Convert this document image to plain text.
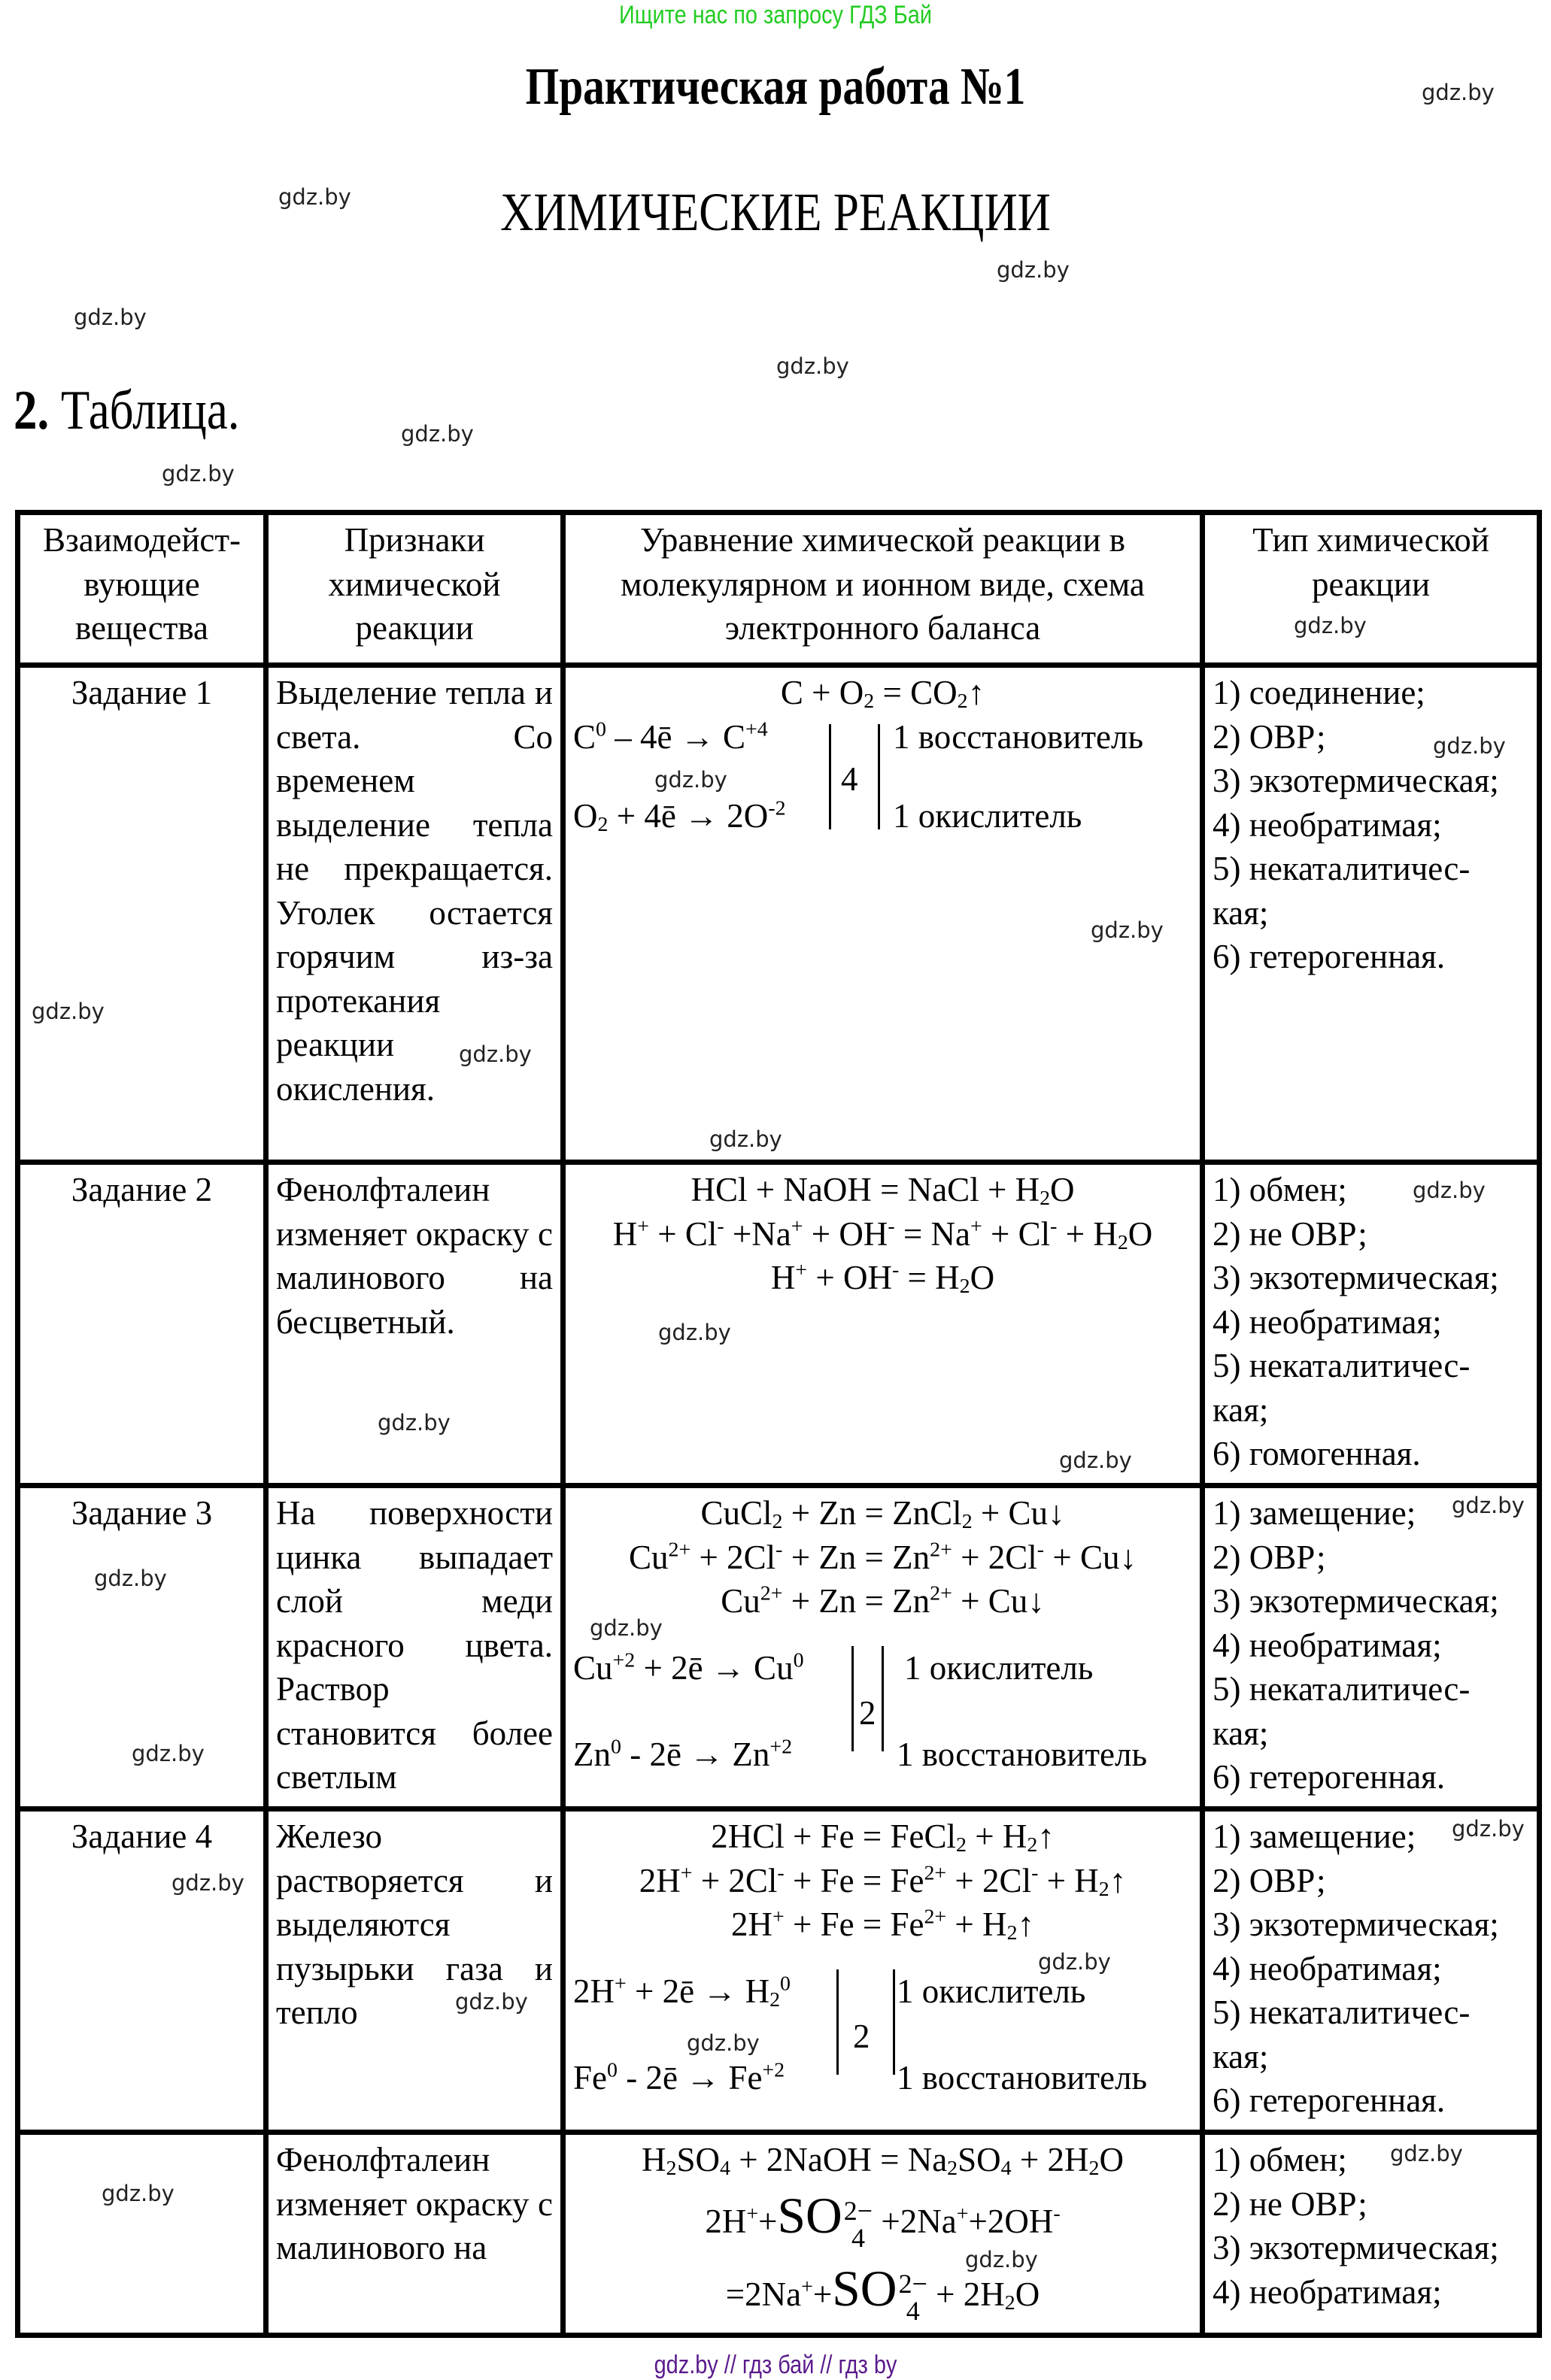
Ищите нас по запросу ГДЗ Бай
Практическая работа №1
ХИМИЧЕСКИЕ РЕАКЦИИ
2. Таблица.
gdz.by
gdz.by
gdz.by
gdz.by
gdz.by
gdz.by
gdz.by
Взаимодейст-вующие вещества	Признаки химической реакции	Уравнение химической реакции в молекулярном и ионном виде, схема электронного баланса	Тип химической реакции
Задание 1	Выделение тепла и света. Со временем выделение тепла не прекращается. Уголек остается горячим из-за протекания реакции окисления.	
$C + O_2$ = $CO_2↑$
$C^0$ – 4ē → $C^{+4}$
$O_2$ + 4ē → $2O^{-2}$
4
1 восстановитель
1 окислитель

1) соединение;
2) ОВР;
3) экзотермическая;
4) необратимая;
5) некаталитичес-
кая;
6) гетерогенная.

Задание 2	Фенолфталеин изменяет окраску с малинового на бесцветный.	
HCl + NaOH = NaCl + $H_2O$
$H^+ + Cl^- +Na^+ + OH^- = Na^+ + Cl^- + H_2O$
$H^+ + OH^- = H_2O$

1) обмен;
2) не ОВР;
3) экзотермическая;
4) необратимая;
5) некаталитичес-
кая;
6) гомогенная.

Задание 3	На поверхности цинка выпадает слой меди красного цвета. Раствор становится более светлым	
CuCl$_2$ + Zn = ZnCl$_2$ + Cu↓
$Cu^{2+} + 2Cl^- + Zn = Zn^{2+} + 2Cl^-$ + Cu↓
$Cu^{2+} + Zn = Zn^{2+}$ + Cu↓
$Cu^{+2}$ + 2ē → $Cu^0$
Zn$^0$ - 2ē → $Zn^{+2}$
2
1 окислитель
1 восстановитель

1) замещение;
2) ОВР;
3) экзотермическая;
4) необратимая;
5) некаталитичес-
кая;
6) гетерогенная.

Задание 4	Железо растворяется и выделяются пузырьки газа и тепло	
2HCl + Fe = FeCl$_2$ + $H_2↑$
$2H^+ + 2Cl^- + Fe = Fe^{2+} + 2Cl^-$ + $H_2↑$
$2H^+ + Fe = Fe^{2+}$ + $H_2↑$
2H+ + 2ē → $H_2^0$
Fe$^0$ - 2ē → $Fe^{+2}$
2
1 окислитель
1 восстановитель

1) замещение;
2) ОВР;
3) экзотермическая;
4) необратимая;
5) некаталитичес-
кая;
6) гетерогенная.

	Фенолфталеин изменяет окраску с малинового на	
$H_2SO_4$ + 2NaOH = $Na_2SO_4 + 2H_2O$
2H++SO 2−
4 +2Na++2OH-
=2Na++SO 2−
$4 + 2H_2O$

1) обмен;
2) не ОВР;
3) экзотермическая;
4) необратимая;
gdz.by
gdz.by
gdz.by
gdz.by
gdz.by
gdz.by
gdz.by
gdz.by
gdz.by
gdz.by
gdz.by
gdz.by
gdz.by
gdz.by
gdz.by
gdz.by
gdz.by
gdz.by
gdz.by
gdz.by
gdz.by
gdz.by
gdz.by
gdz.by // гдз бай // гдз by
